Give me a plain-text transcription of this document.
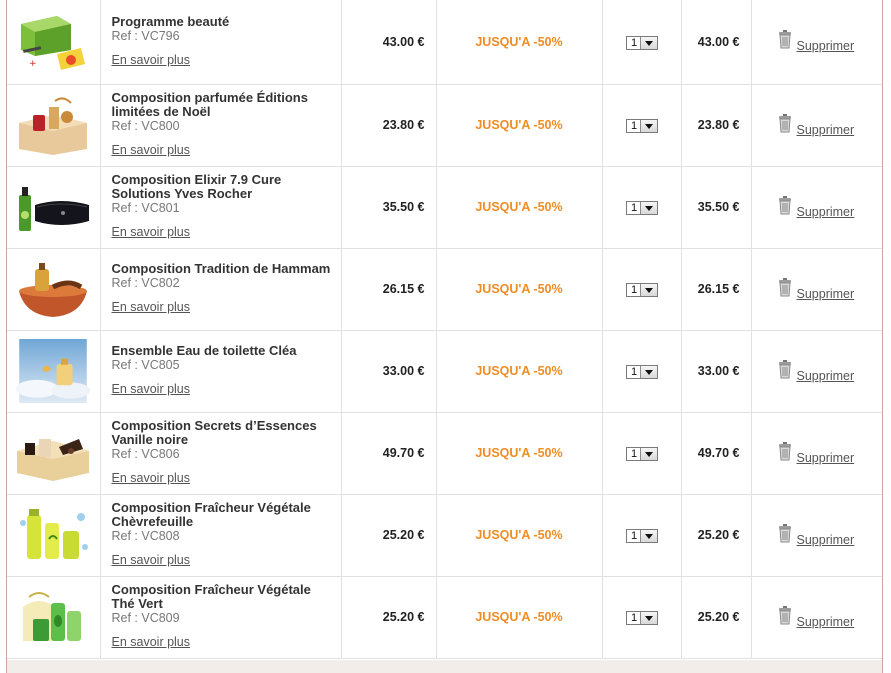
+	Programme beauté
Ref : VC796
En savoir plus	43.00 €	JUSQU'A -50%	1	43.00 €	Supprimer

Composition parfumée Éditions limitées de Noël
Ref : VC800
En savoir plus	23.80 €	JUSQU'A -50%	1	23.80 €	Supprimer

Composition Elixir 7.9 Cure Solutions Yves Rocher
Ref : VC801
En savoir plus	35.50 €	JUSQU'A -50%	1	35.50 €	Supprimer

Composition Tradition de Hammam
Ref : VC802
En savoir plus	26.15 €	JUSQU'A -50%	1	26.15 €	Supprimer

Ensemble Eau de toilette Cléa
Ref : VC805
En savoir plus	33.00 €	JUSQU'A -50%	1	33.00 €	Supprimer

Composition Secrets d’Essences Vanille noire
Ref : VC806
En savoir plus	49.70 €	JUSQU'A -50%	1	49.70 €	Supprimer

Composition Fraîcheur Végétale Chèvrefeuille
Ref : VC808
En savoir plus	25.20 €	JUSQU'A -50%	1	25.20 €	Supprimer

Composition Fraîcheur Végétale Thé Vert
Ref : VC809
En savoir plus	25.20 €	JUSQU'A -50%	1	25.20 €	Supprimer
